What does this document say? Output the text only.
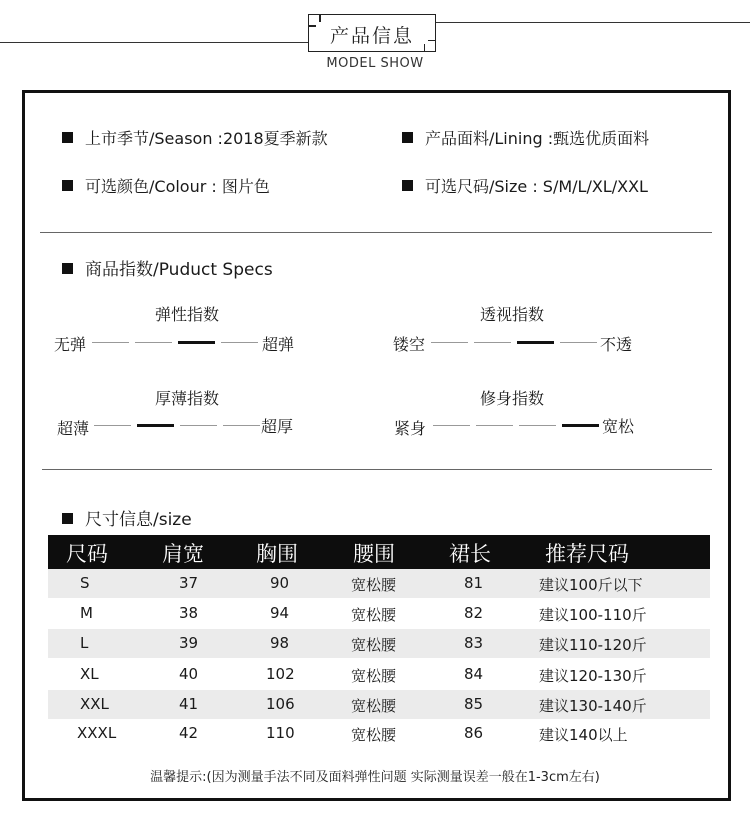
产品信息
MODEL SHOW
上市季节/Season :2018夏季新款	产品面料/Lining :甄选优质面料
可选颜色/Colour : 图片色	可选尺码/Size : S/M/L/XL/XXL
商品指数/Puduct Specs
弹性指数
无弹	超弹
透视指数
镂空	不透
厚薄指数
超薄	超厚
修身指数
紧身	宽松
尺寸信息/size
尺码	肩宽 胸围	腰围	裙长	推荐尺码
S	37	90	宽松腰	81	建议100斤以下
M	38	94	宽松腰	82	建议100-110斤
L	39	98	宽松腰	83	建议110-120斤
XL	40	102	宽松腰	84	建议120-130斤
XXL	41	106	宽松腰	85	建议130-140斤
XXXL	42	110	宽松腰	86	建议140以上
温馨提示:(因为测量手法不同及面料弹性问题 实际测量误差一般在1-3cm左右)
